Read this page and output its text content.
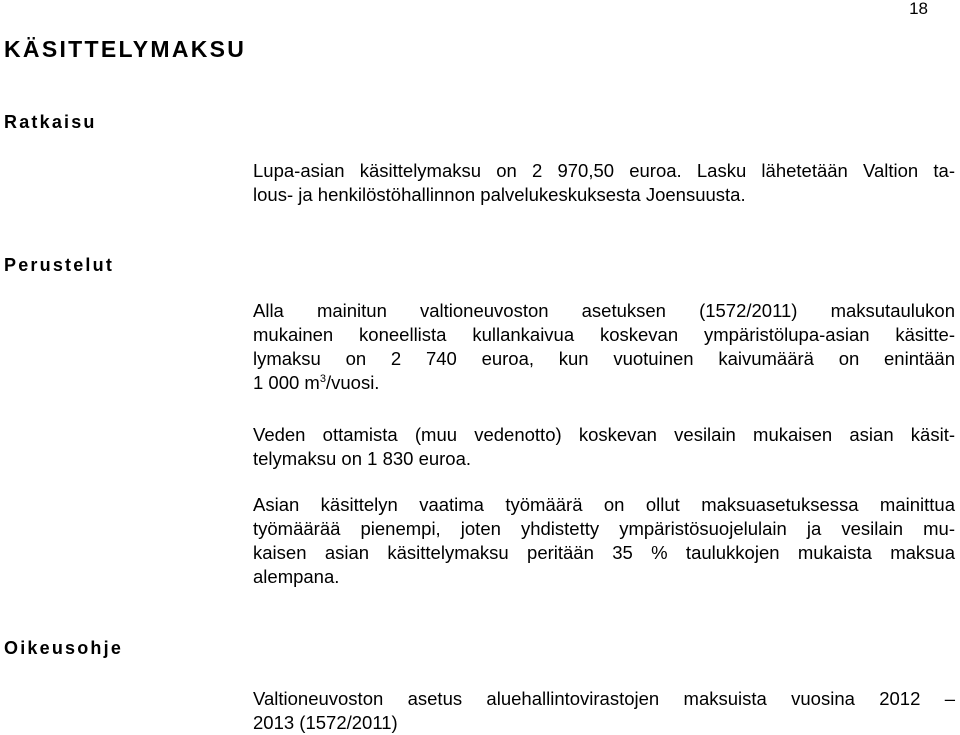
18
KÄSITTELYMAKSU
Ratkaisu

Lupa-asian käsittelymaksu on 2 970,50 euroa. Lasku lähetetään Valtion ta-
lous- ja henkilöstöhallinnon palvelukeskuksesta Joensuusta.

Perustelut

Alla mainitun valtioneuvoston asetuksen (1572/2011) maksutaulukon
mukainen koneellista kullankaivua koskevan ympäristölupa-asian käsitte-
lymaksu on 2 740 euroa, kun vuotuinen kaivumäärä on enintään
1 000 $m^3$/vuosi.

Veden ottamista (muu vedenotto) koskevan vesilain mukaisen asian käsit-
telymaksu on 1 830 euroa.

Asian käsittelyn vaatima työmäärä on ollut maksuasetuksessa mainittua
työmäärää pienempi, joten yhdistetty ympäristösuojelulain ja vesilain mu-
kaisen asian käsittelymaksu peritään 35 % taulukkojen mukaista maksua
alempana.

Oikeusohje

Valtioneuvoston asetus aluehallintovirastojen maksuista vuosina 2012 –
2013 (1572/2011)
